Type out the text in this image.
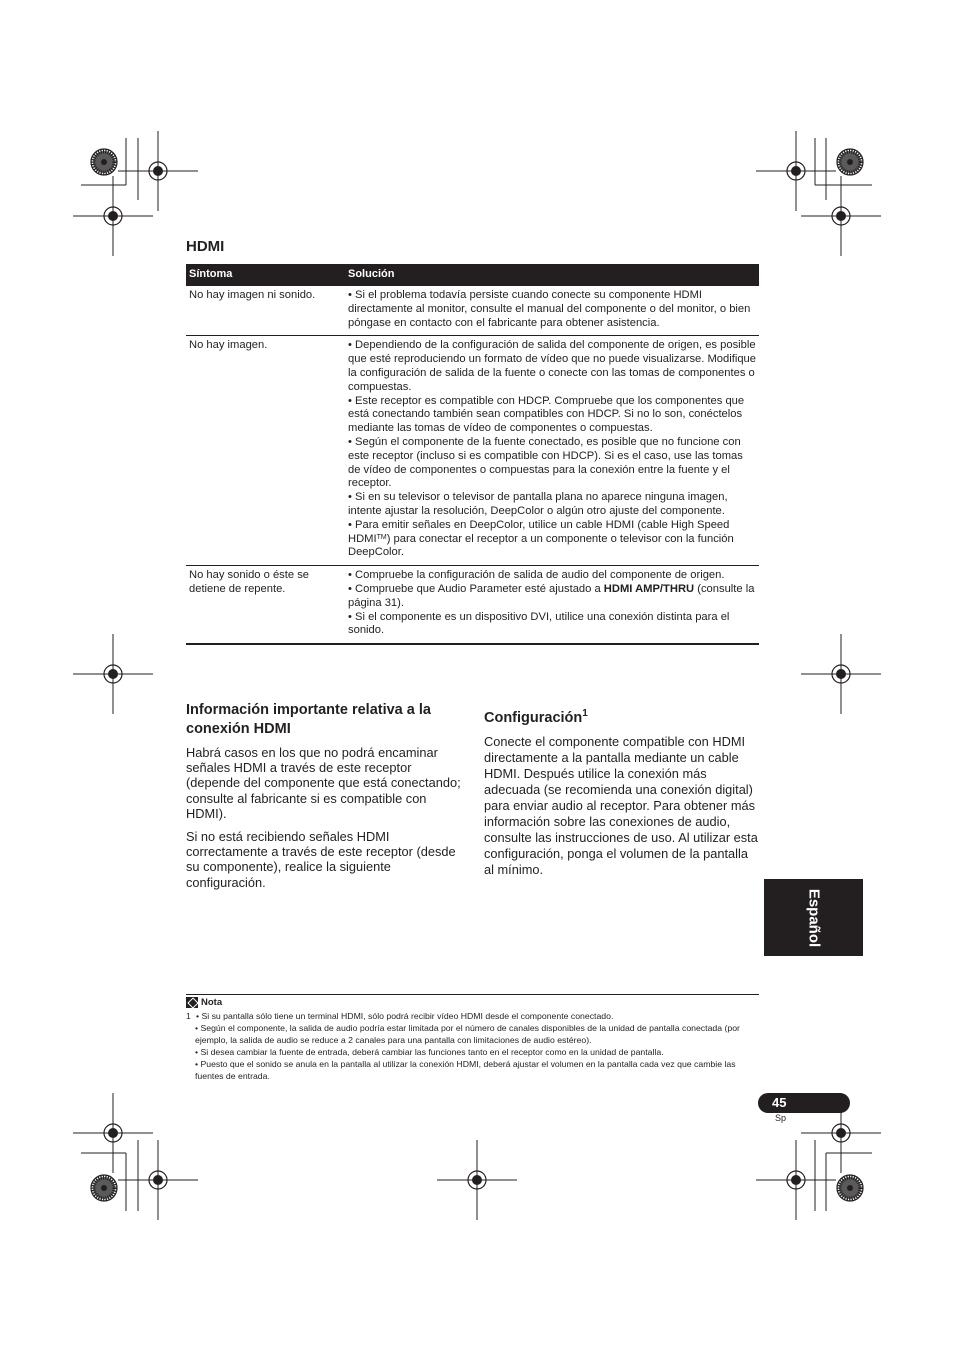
HDMI
Síntoma	Solución
No hay imagen ni sonido.	• Si el problema todavía persiste cuando conecte su componente HDMI directamente al monitor, consulte el manual del componente o del monitor, o bien póngase en contacto con el fabricante para obtener asistencia.

No hay imagen.	• Dependiendo de la configuración de salida del componente de origen, es posible que esté reproduciendo un formato de vídeo que no puede visualizarse. Modifique la configuración de salida de la fuente o conecte con las tomas de componentes o compuestas.

• Este receptor es compatible con HDCP. Compruebe que los componentes que está conectando también sean compatibles con HDCP. Si no lo son, conéctelos mediante las tomas de vídeo de componentes o compuestas.

• Según el componente de la fuente conectado, es posible que no funcione con este receptor (incluso si es compatible con HDCP). Si es el caso, use las tomas de vídeo de componentes o compuestas para la conexión entre la fuente y el receptor.

• Si en su televisor o televisor de pantalla plana no aparece ninguna imagen, intente ajustar la resolución, DeepColor o algún otro ajuste del componente.

• Para emitir señales en DeepColor, utilice un cable HDMI (cable High Speed HDMI™) para conectar el receptor a un componente o televisor con la función DeepColor.

No hay sonido o éste se detiene de repente.	• Compruebe la configuración de salida de audio del componente de origen.

• Compruebe que Audio Parameter esté ajustado a HDMI AMP/THRU (consulte la página 31).

• Si el componente es un dispositivo DVI, utilice una conexión distinta para el sonido.

Información importante relativa a la conexión HDMI

Habrá casos en los que no podrá encaminar señales HDMI a través de este receptor (depende del componente que está conectando; consulte al fabricante si es compatible con HDMI).

Si no está recibiendo señales HDMI correctamente a través de este receptor (desde su componente), realice la siguiente configuración.

Configuración$^1$

Conecte el componente compatible con HDMI directamente a la pantalla mediante un cable HDMI. Después utilice la conexión más adecuada (se recomienda una conexión digital) para enviar audio al receptor. Para obtener más información sobre las conexiones de audio, consulte las instrucciones de uso. Al utilizar esta configuración, ponga el volumen de la pantalla al mínimo.

Español
Nota

1 • Si su pantalla sólo tiene un terminal HDMI, sólo podrá recibir vídeo HDMI desde el componente conectado.

• Según el componente, la salida de audio podría estar limitada por el número de canales disponibles de la unidad de pantalla conectada (por ejemplo, la salida de audio se reduce a 2 canales para una pantalla con limitaciones de audio estéreo).

• Si desea cambiar la fuente de entrada, deberá cambiar las funciones tanto en el receptor como en la unidad de pantalla.

• Puesto que el sonido se anula en la pantalla al utilizar la conexión HDMI, deberá ajustar el volumen en la pantalla cada vez que cambie las fuentes de entrada.

45
Sp
